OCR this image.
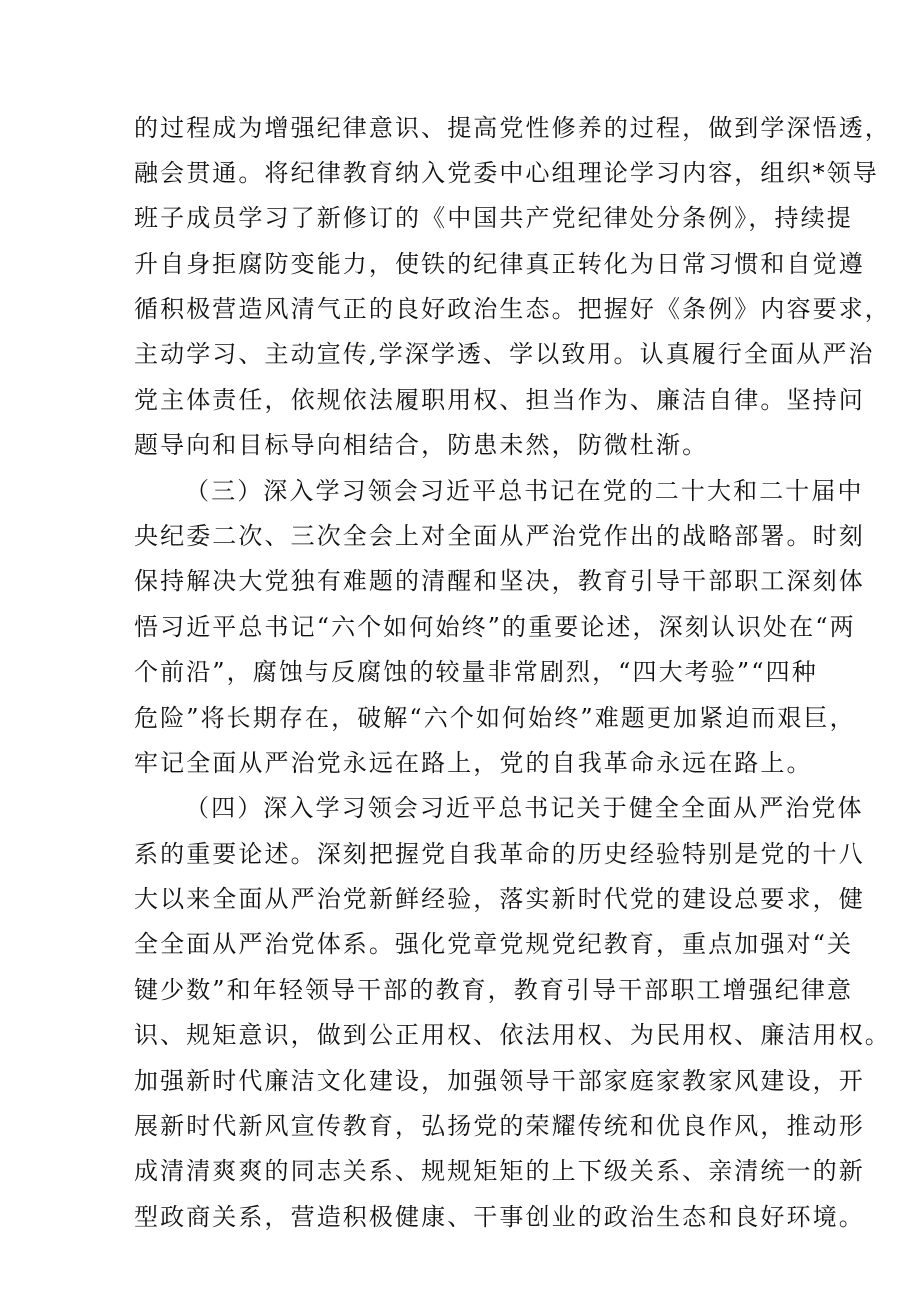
的过程成为增强纪律意识、提高党性修养的过程，做到学深悟透，
融会贯通。将纪律教育纳入党委中心组理论学习内容，组织*领导
班子成员学习了新修订的《中国共产党纪律处分条例》，持续提
升自身拒腐防变能力，使铁的纪律真正转化为日常习惯和自觉遵
循积极营造风清气正的良好政治生态。把握好《条例》内容要求，
主动学习、主动宣传,学深学透、学以致用。认真履行全面从严治
党主体责任，依规依法履职用权、担当作为、廉洁自律。坚持问
题导向和目标导向相结合，防患未然，防微杜渐。
（三）深入学习领会习近平总书记在党的二十大和二十届中
央纪委二次、三次全会上对全面从严治党作出的战略部署。时刻
保持解决大党独有难题的清醒和坚决，教育引导干部职工深刻体
悟习近平总书记“六个如何始终”的重要论述，深刻认识处在“两
个前沿”，腐蚀与反腐蚀的较量非常剧烈，“四大考验”“四种
危险”将长期存在，破解“六个如何始终”难题更加紧迫而艰巨，
牢记全面从严治党永远在路上，党的自我革命永远在路上。
（四）深入学习领会习近平总书记关于健全全面从严治党体
系的重要论述。深刻把握党自我革命的历史经验特别是党的十八
大以来全面从严治党新鲜经验，落实新时代党的建设总要求，健
全全面从严治党体系。强化党章党规党纪教育，重点加强对“关
键少数”和年轻领导干部的教育，教育引导干部职工增强纪律意
识、规矩意识，做到公正用权、依法用权、为民用权、廉洁用权。
加强新时代廉洁文化建设，加强领导干部家庭家教家风建设，开
展新时代新风宣传教育，弘扬党的荣耀传统和优良作风，推动形
成清清爽爽的同志关系、规规矩矩的上下级关系、亲清统一的新
型政商关系，营造积极健康、干事创业的政治生态和良好环境。
